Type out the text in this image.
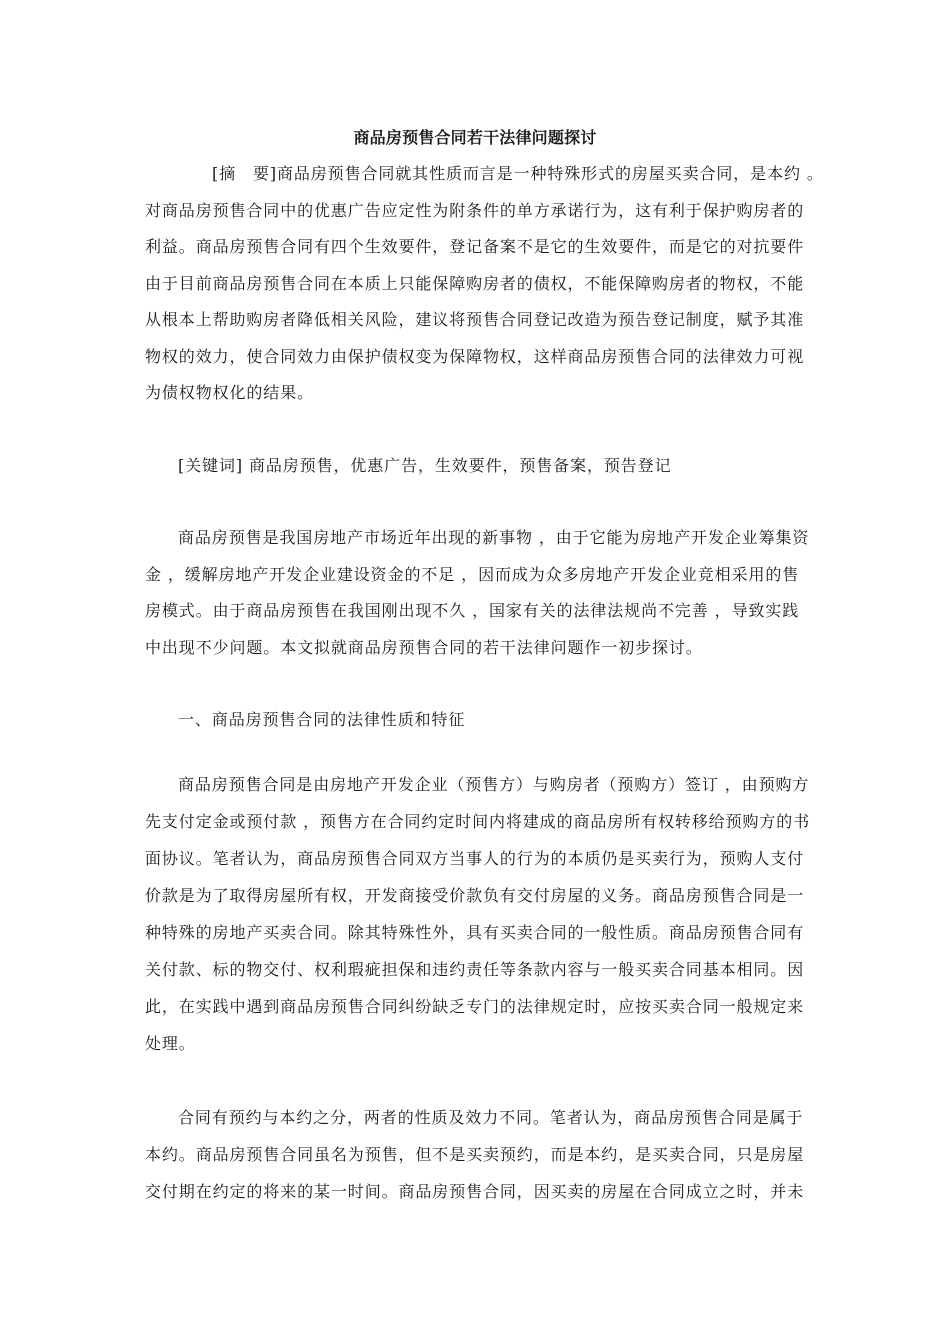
商品房预售合同若干法律问题探讨
[摘　要]商品房预售合同就其性质而言是一种特殊形式的房屋买卖合同，是本约 。
对商品房预售合同中的优惠广告应定性为附条件的单方承诺行为，这有利于保护购房者的
利益。商品房预售合同有四个生效要件，登记备案不是它的生效要件，而是它的对抗要件
由于目前商品房预售合同在本质上只能保障购房者的债权，不能保障购房者的物权，不能
从根本上帮助购房者降低相关风险，建议将预售合同登记改造为预告登记制度，赋予其准
物权的效力，使合同效力由保护债权变为保障物权，这样商品房预售合同的法律效力可视
为债权物权化的结果。
[关键词] 商品房预售，优惠广告，生效要件，预售备案，预告登记
商品房预售是我国房地产市场近年出现的新事物 ，由于它能为房地产开发企业筹集资
金 ，缓解房地产开发企业建设资金的不足 ，因而成为众多房地产开发企业竞相采用的售
房模式。由于商品房预售在我国刚出现不久 ，国家有关的法律法规尚不完善 ，导致实践
中出现不少问题。本文拟就商品房预售合同的若干法律问题作一初步探讨。
一、商品房预售合同的法律性质和特征
商品房预售合同是由房地产开发企业（预售方）与购房者（预购方）签订 ，由预购方
先支付定金或预付款 ，预售方在合同约定时间内将建成的商品房所有权转移给预购方的书
面协议。笔者认为，商品房预售合同双方当事人的行为的本质仍是买卖行为，预购人支付
价款是为了取得房屋所有权，开发商接受价款负有交付房屋的义务。商品房预售合同是一
种特殊的房地产买卖合同。除其特殊性外，具有买卖合同的一般性质。商品房预售合同有
关付款、标的物交付、权利瑕疵担保和违约责任等条款内容与一般买卖合同基本相同。因
此，在实践中遇到商品房预售合同纠纷缺乏专门的法律规定时，应按买卖合同一般规定来
处理。
合同有预约与本约之分，两者的性质及效力不同。笔者认为，商品房预售合同是属于
本约。商品房预售合同虽名为预售，但不是买卖预约，而是本约，是买卖合同，只是房屋
交付期在约定的将来的某一时间。商品房预售合同，因买卖的房屋在合同成立之时，并未
